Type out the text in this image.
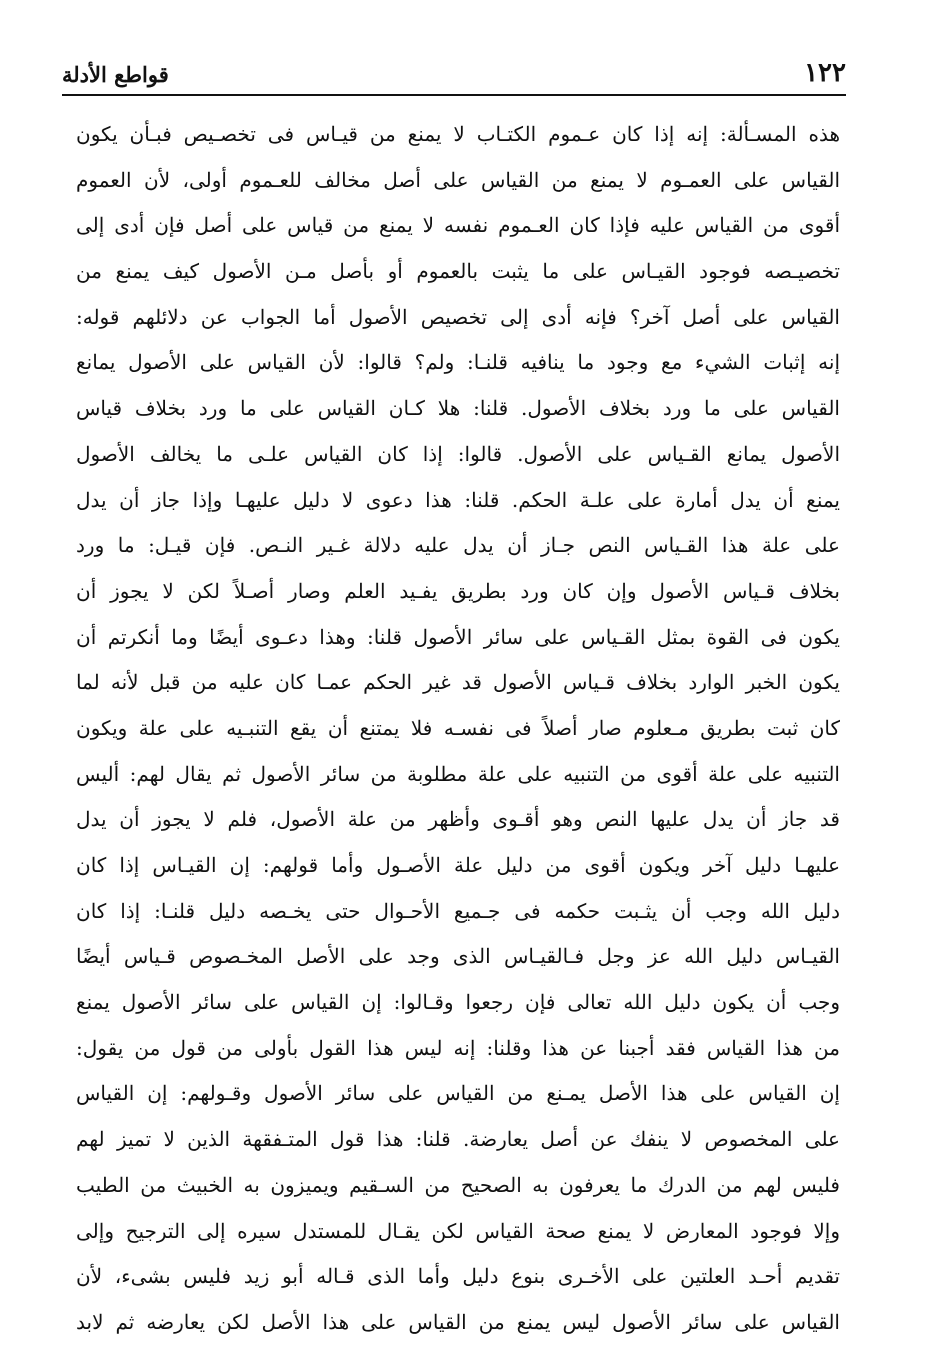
١٢٢
قواطع الأدلة
هذه المسـألة: إنه إذا كان عـموم الكتـاب لا يمنع من قيـاس فى تخصـيص فبـأن يكون
القياس على العمـوم لا يمنع من القياس على أصل مخالف للعـموم أولى، لأن العموم
أقوى من القياس عليه فإذا كان العـموم نفسه لا يمنع من قياس على أصل فإن أدى إلى
تخصيـصه فوجود القيـاس على ما يثبت بالعموم أو بأصل مـن الأصول كيف يمنع من
القياس على أصل آخر؟ فإنه أدى إلى تخصيص الأصول أما الجواب عن دلائلهم قوله:
إنه إثبات الشيء مع وجود ما ينافيه قلنـا: ولم؟ قالوا: لأن القياس على الأصول يمانع
القياس على ما ورد بخلاف الأصول. قلنا: هلا كـان القياس على ما ورد بخلاف قياس
الأصول يمانع القـياس على الأصول. قالوا: إذا كان القياس علـى ما يخالف الأصول
يمنع أن يدل أمارة على علـة الحكم. قلنا: هذا دعوى لا دليل عليهـا وإذا جاز أن يدل
على علة هذا القـياس النص جـاز أن يدل عليه دلالة غـير النـص. فإن قيـل: ما ورد
بخلاف قـياس الأصول وإن كان ورد بطريق يفـيد العلم وصار أصـلاً لكن لا يجوز أن
يكون فى القوة بمثل القـياس على سائر الأصول قلنا: وهذا دعـوى أيضًا وما أنكرتم أن
يكون الخبر الوارد بخلاف قـياس الأصول قد غير الحكم عمـا كان عليه من قبل لأنه لما
كان ثبت بطريق مـعلوم صار أصلاً فى نفسـه فلا يمتنع أن يقع التنبـيه على علة ويكون
التنبيه على علة أقوى من التنبيه على علة مطلوبة من سائر الأصول ثم يقال لهم: أليس
قد جاز أن يدل عليها النص وهو أقـوى وأظهر من علة الأصول، فلم لا يجوز أن يدل
عليهـا دليل آخر ويكون أقوى من دليل علة الأصـول وأما قولهم: إن القيـاس إذا كان
دليل الله وجب أن يثـبت حكمه فى جـميع الأحـوال حتى يخـصه دليل قلنـا: إذا كان
القيـاس دليل الله عز وجل فـالقيـاس الذى وجد على الأصل المخـصوص قـياس أيضًا
وجب أن يكون دليل الله تعالى فإن رجعوا وقـالوا: إن القياس على سائر الأصول يمنع
من هذا القياس فقد أجبنا عن هذا وقلنا: إنه ليس هذا القول بأولى من قول من يقول:
إن القياس على هذا الأصل يمـنع من القياس على سائر الأصول وقـولهم: إن القياس
على المخصوص لا ينفك عن أصل يعارضة. قلنا: هذا قول المتـفقهة الذين لا تميز لهم
فليس لهم من الدرك ما يعرفون به الصحيح من السـقيم ويميزون به الخبيث من الطيب
وإلا فوجود المعارض لا يمنع صحة القياس لكن يقـال للمستدل سيره إلى الترجيح وإلى
تقديم أحـد العلتين على الأخـرى بنوع دليل وأما الذى قـاله أبو زيد فليس بشىء، لأن
القياس على سائر الأصول ليس يمنع من القياس على هذا الأصل لكن يعارضه ثم لابد
